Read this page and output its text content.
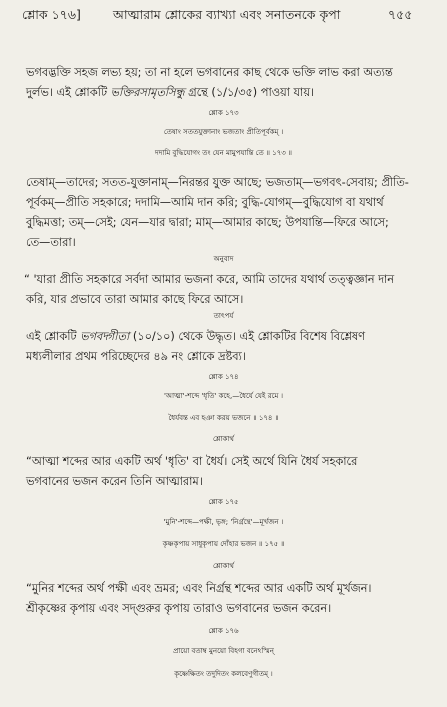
শ্লোক ১৭৬]	আত্মারাম শ্লোকের ব্যাখ্যা এবং সনাতনকে কৃপা	৭৫৫
ভগবদ্ভক্তি সহজ লভ্য হয়; তা না হলে ভগবানের কাছ থেকে ভক্তি লাভ করা অত্যন্ত
দুর্লভ। এই শ্লোকটি ভক্তিরসামৃতসিন্ধু গ্রন্থে (১/১/৩৫) পাওয়া যায়।
শ্লোক ১৭৩
তেষাং সততযুক্তানাং ভজতাং প্রীতিপূর্বকম্ ।
দদামি বুদ্ধিযোগং তং যেন মামুপযান্তি তে ॥ ১৭৩ ॥
তেষাম্—তাদের; সতত-যুক্তানাম্—নিরন্তর যুক্ত আছে; ভজতাম্—ভগবৎ-সেবায়; প্রীতি-
পূর্বকম্—প্রীতি সহকারে; দদামি—আমি দান করি; বুদ্ধি-যোগম্—বুদ্ধিযোগ বা যথার্থ
বুদ্ধিমত্তা; তম্—সেই; যেন—যার দ্বারা; মাম্—আমার কাছে; উপযান্তি—ফিরে আসে;
তে—তারা।
অনুবাদ
“ 'যারা প্রীতি সহকারে সর্বদা আমার ভজনা করে, আমি তাদের যথার্থ তত্ত্বজ্ঞান দান
করি, যার প্রভাবে তারা আমার কাছে ফিরে আসে।
তাৎপর্য
এই শ্লোকটি ভগবদ্গীতা (১০/১০) থেকে উদ্ধৃত। এই শ্লোকটির বিশেষ বিশ্লেষণ
মধ্যলীলার প্রথম পরিচ্ছেদের ৪৯ নং শ্লোকে দ্রষ্টব্য।
শ্লোক ১৭৪
'আত্মা'-শব্দে 'ধৃতি' কহে,—ধৈর্যে যেই রমে ।
ধৈর্যবন্ত এব হঞা করয় ভজনে ॥ ১৭৪ ॥
শ্লোকার্থ
“আত্মা শব্দের আর একটি অর্থ 'ধৃতি' বা ধৈর্য। সেই অর্থে যিনি ধৈর্য সহকারে
ভগবানের ভজন করেন তিনি আত্মারাম।
শ্লোক ১৭৫
'মুনি'-শব্দে—পক্ষী, ভৃঙ্গ; 'নির্গ্রন্থে'—মূর্খজন ।
কৃষ্ণকৃপায় সাধুকৃপায় দোঁহার ভজন ॥ ১৭৫ ॥
শ্লোকার্থ
“মুনির শব্দের অর্থ পক্ষী এবং ভ্রমর; এবং নির্গ্রন্থ শব্দের আর একটি অর্থ মূর্খজন।
শ্রীকৃষ্ণের কৃপায় এবং সদ্গুরুর কৃপায় তারাও ভগবানের ভজন করেন।
শ্লোক ১৭৬
প্রায়ো বতাম্ব মুনয়ো বিহগা বনেঽস্মিন্
কৃষ্ণেক্ষিতং তদুদিতং কলবেণুগীতম্ ।
